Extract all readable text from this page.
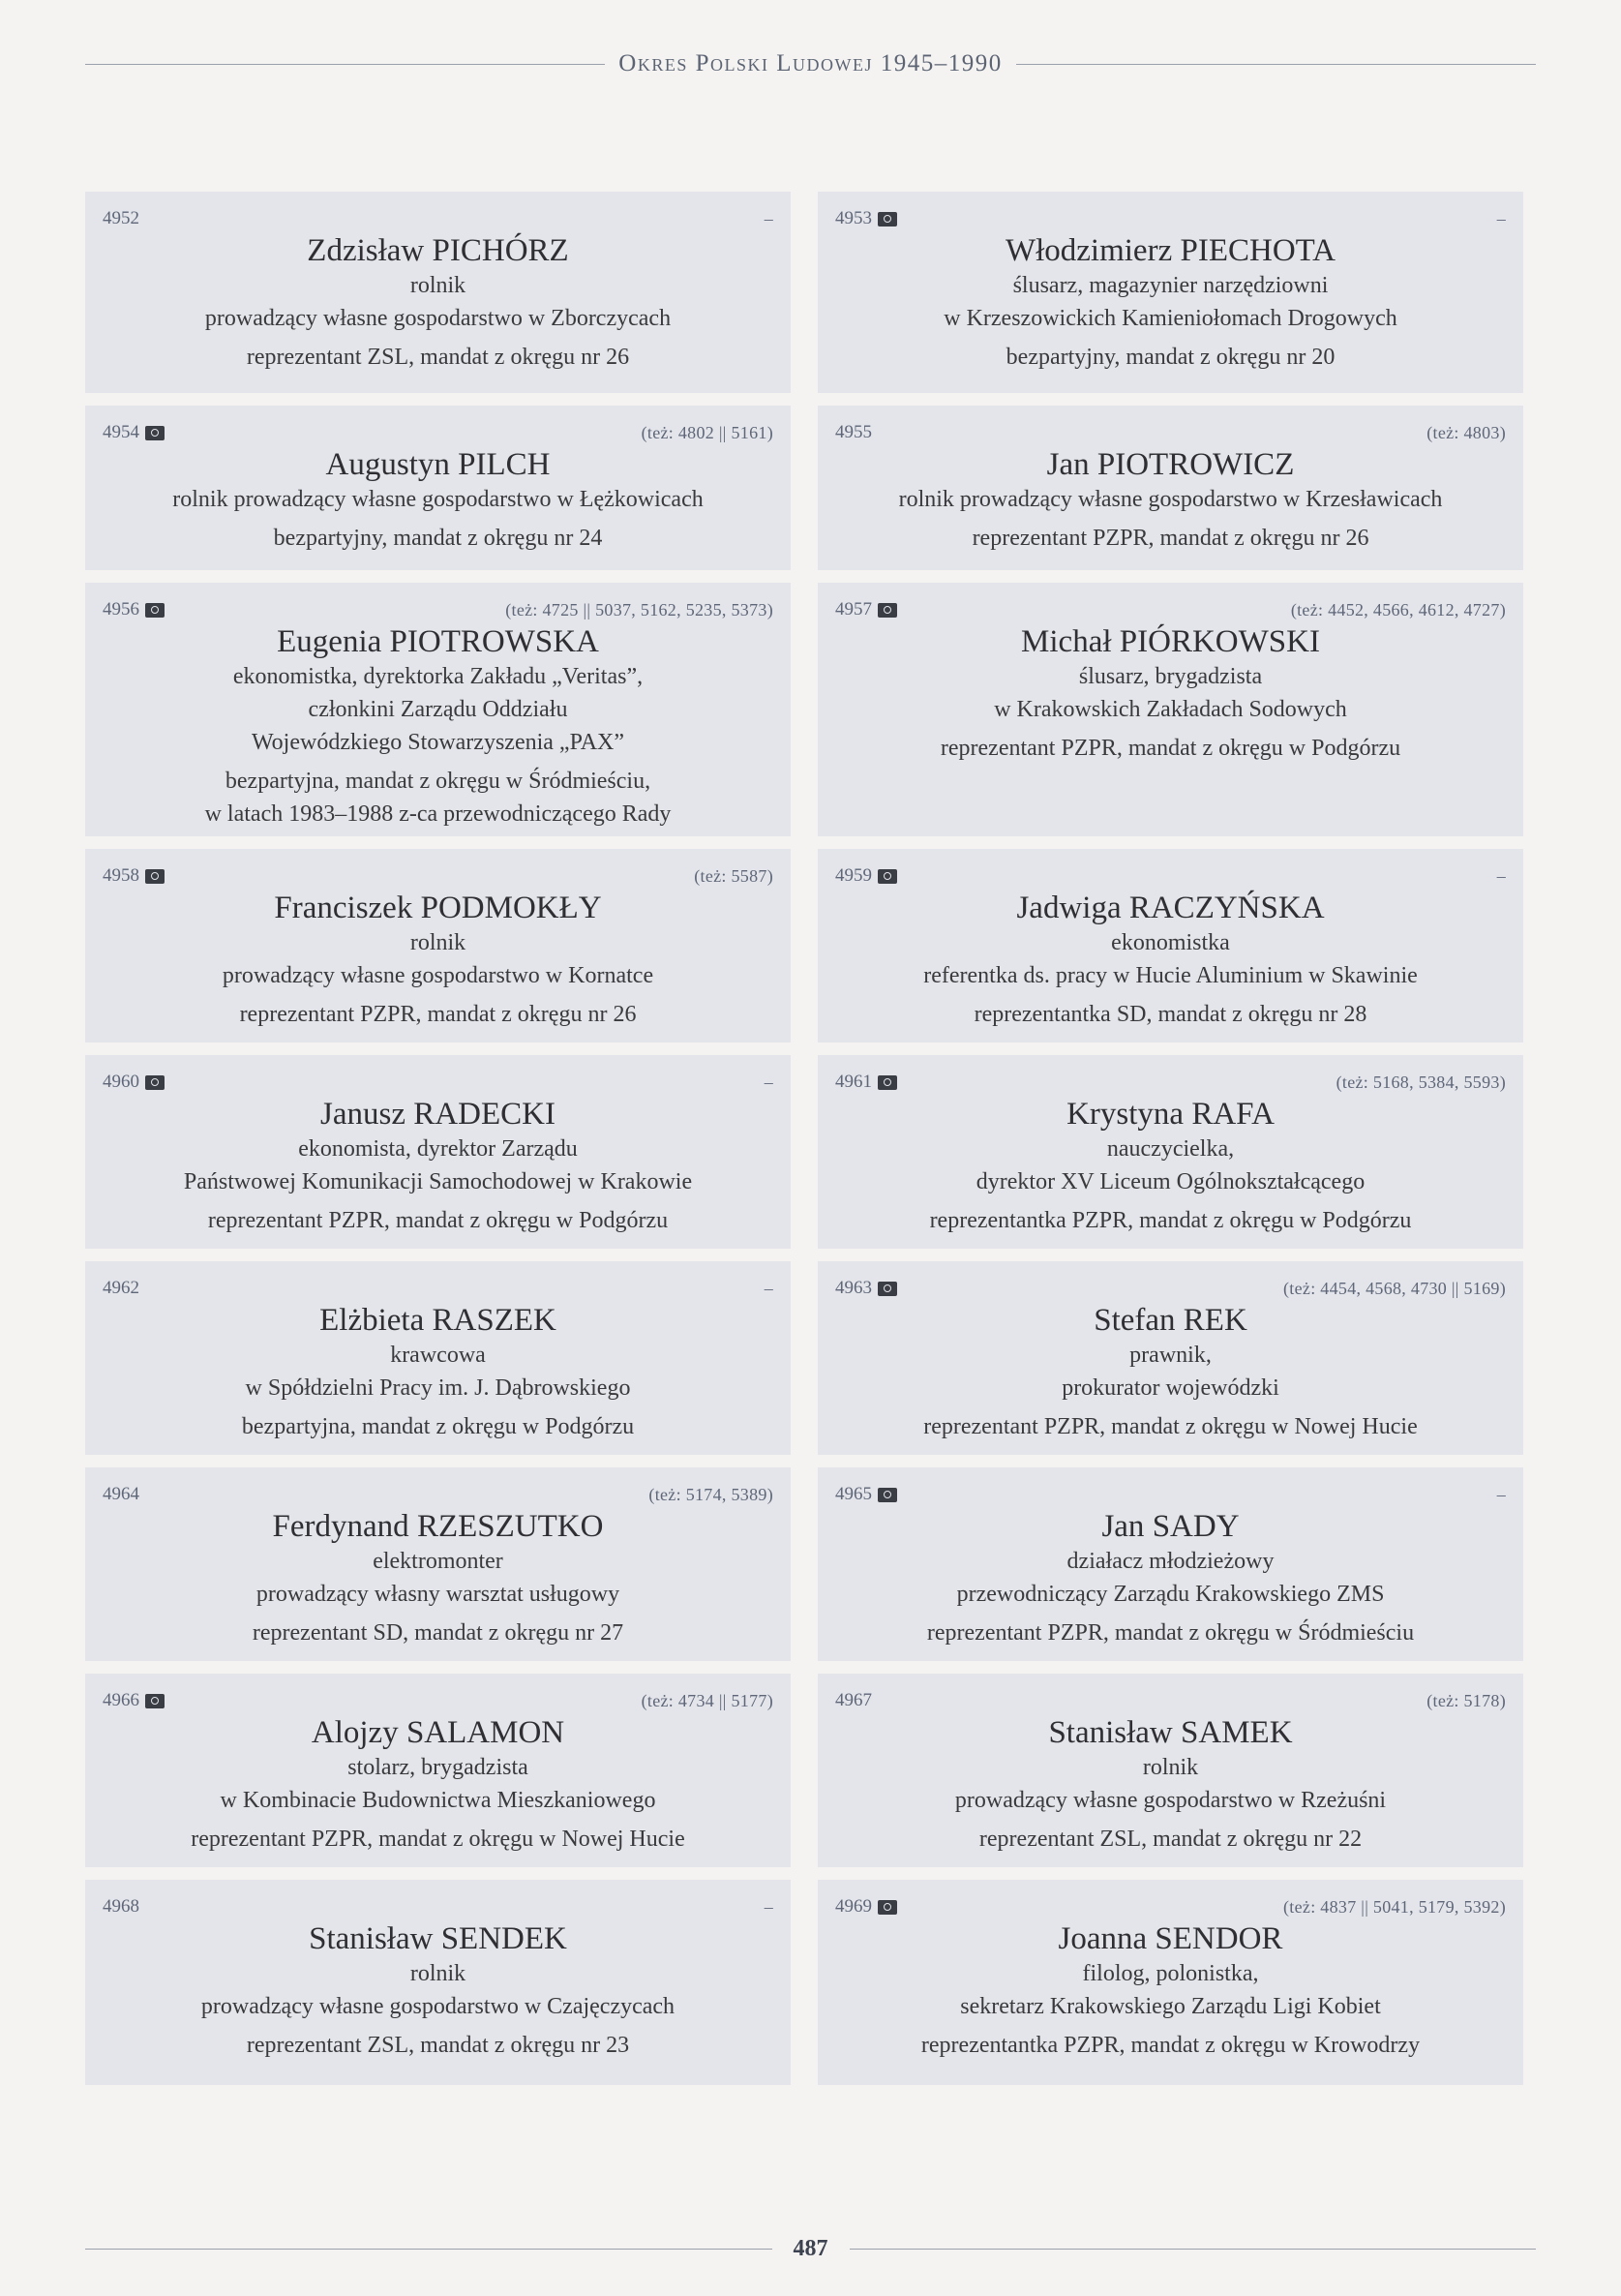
Okres Polski Ludowej 1945–1990
4952	–
Zdzisław PICHÓRZ
rolnik
prowadzący własne gospodarstwo w Zborczycach
reprezentant ZSL, mandat z okręgu nr 26
4953	–
Włodzimierz PIECHOTA
ślusarz, magazynier narzędziowni
w Krzeszowickich Kamieniołomach Drogowych
bezpartyjny, mandat z okręgu nr 20
4954	(też: 4802 || 5161)
Augustyn PILCH
rolnik prowadzący własne gospodarstwo w Łężkowicach
bezpartyjny, mandat z okręgu nr 24
4955	(też: 4803)
Jan PIOTROWICZ
rolnik prowadzący własne gospodarstwo w Krzesławicach
reprezentant PZPR, mandat z okręgu nr 26
4956	(też: 4725 || 5037, 5162, 5235, 5373)
Eugenia PIOTROWSKA
ekonomistka, dyrektorka Zakładu „Veritas”,
członkini Zarządu Oddziału
Wojewódzkiego Stowarzyszenia „PAX”
bezpartyjna, mandat z okręgu w Śródmieściu,
w latach 1983–1988 z-ca przewodniczącego Rady
4957	(też: 4452, 4566, 4612, 4727)
Michał PIÓRKOWSKI
ślusarz, brygadzista
w Krakowskich Zakładach Sodowych
reprezentant PZPR, mandat z okręgu w Podgórzu
4958	(też: 5587)
Franciszek PODMOKŁY
rolnik
prowadzący własne gospodarstwo w Kornatce
reprezentant PZPR, mandat z okręgu nr 26
4959	–
Jadwiga RACZYŃSKA
ekonomistka
referentka ds. pracy w Hucie Aluminium w Skawinie
reprezentantka SD, mandat z okręgu nr 28
4960	–
Janusz RADECKI
ekonomista, dyrektor Zarządu
Państwowej Komunikacji Samochodowej w Krakowie
reprezentant PZPR, mandat z okręgu w Podgórzu
4961	(też: 5168, 5384, 5593)
Krystyna RAFA
nauczycielka,
dyrektor XV Liceum Ogólnokształcącego
reprezentantka PZPR, mandat z okręgu w Podgórzu
4962	–
Elżbieta RASZEK
krawcowa
w Spółdzielni Pracy im. J. Dąbrowskiego
bezpartyjna, mandat z okręgu w Podgórzu
4963	(też: 4454, 4568, 4730 || 5169)
Stefan REK
prawnik,
prokurator wojewódzki
reprezentant PZPR, mandat z okręgu w Nowej Hucie
4964	(też: 5174, 5389)
Ferdynand RZESZUTKO
elektromonter
prowadzący własny warsztat usługowy
reprezentant SD, mandat z okręgu nr 27
4965	–
Jan SADY
działacz młodzieżowy
przewodniczący Zarządu Krakowskiego ZMS
reprezentant PZPR, mandat z okręgu w Śródmieściu
4966	(też: 4734 || 5177)
Alojzy SALAMON
stolarz, brygadzista
w Kombinacie Budownictwa Mieszkaniowego
reprezentant PZPR, mandat z okręgu w Nowej Hucie
4967	(też: 5178)
Stanisław SAMEK
rolnik
prowadzący własne gospodarstwo w Rzeżuśni
reprezentant ZSL, mandat z okręgu nr 22
4968	–
Stanisław SENDEK
rolnik
prowadzący własne gospodarstwo w Czajęczycach
reprezentant ZSL, mandat z okręgu nr 23
4969	(też: 4837 || 5041, 5179, 5392)
Joanna SENDOR
filolog, polonistka,
sekretarz Krakowskiego Zarządu Ligi Kobiet
reprezentantka PZPR, mandat z okręgu w Krowodrzy
487
